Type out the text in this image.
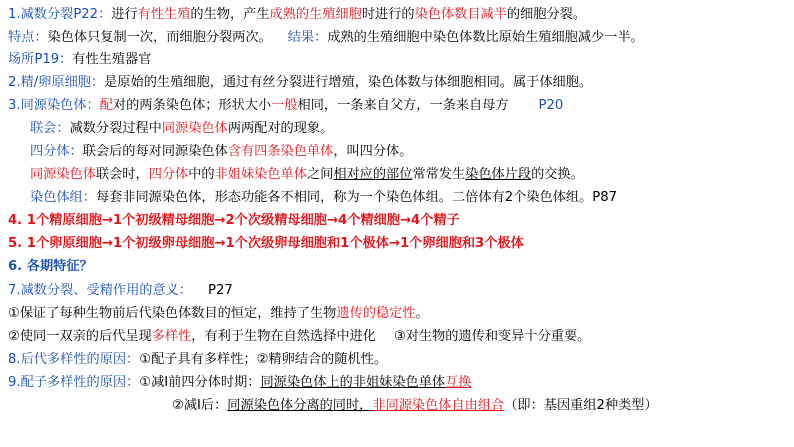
1.减数分裂P22：进行有性生殖的生物，产生成熟的生殖细胞时进行的染色体数目减半的细胞分裂。
特点：染色体只复制一次，而细胞分裂两次。 结果：成熟的生殖细胞中染色体数比原始生殖细胞减少一半。
场所P19：有性生殖器官
2.精/卵原细胞：是原始的生殖细胞，通过有丝分裂进行增殖，染色体数与体细胞相同。属于体细胞。
3.同源染色体：配对的两条染色体；形状大小一般相同，一条来自父方，一条来自母方 P20
联会：减数分裂过程中同源染色体两两配对的现象。
四分体：联会后的每对同源染色体含有四条染色单体，叫四分体。
同源染色体联会时，四分体中的非姐妹染色单体之间相对应的部位常常发生染色体片段的交换。
染色体组：每套非同源染色体，形态功能各不相同，称为一个染色体组。二倍体有2个染色体组。P87
4. 1个精原细胞→1个初级精母细胞→2个次级精母细胞→4个精细胞→4个精子
5. 1个卵原细胞→1个初级卵母细胞→1个次级卵母细胞和1个极体→1个卵细胞和3个极体
6. 各期特征？
7.减数分裂、受精作用的意义： P27
①保证了每种生物前后代染色体数目的恒定，维持了生物遗传的稳定性。
②使同一双亲的后代呈现多样性，有利于生物在自然选择中进化 ③对生物的遗传和变异十分重要。
8.后代多样性的原因：①配子具有多样性；②精卵结合的随机性。
9.配子多样性的原因：①减Ⅰ前四分体时期：同源染色体上的非姐妹染色单体互换
②减Ⅰ后：同源染色体分离的同时，非同源染色体自由组合（即：基因重组2种类型）
